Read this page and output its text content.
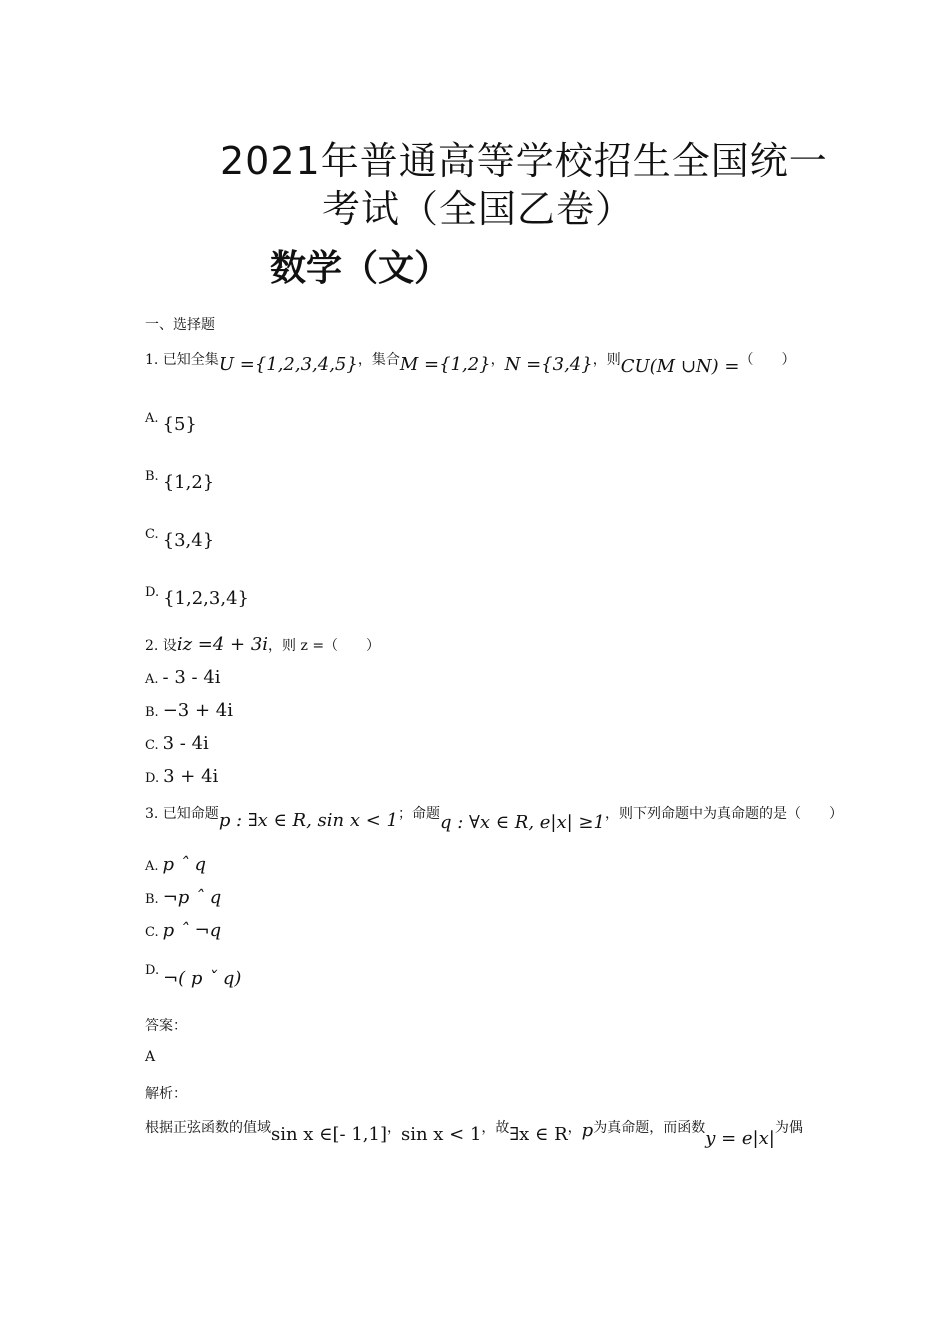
2021年普通高等学校招生全国统一
考试（全国乙卷）
数学（文）
一、选择题
1. 已知全集U ={1,2,3,4,5}，集合M ={1,2}，N ={3,4}，则CU(M ∪N) =（　　）
A. {5}
B. {1,2}
C. {3,4}
D. {1,2,3,4}
2. 设iz =4 + 3i，则 z =（　　）
A. - 3 - 4i
B. −3 + 4i
C. 3 - 4i
D. 3 + 4i
3. 已知命题p : ∃x ∈ R, sin x < 1；命题q : ∀x ∈ R, e|x| ≥1，则下列命题中为真命题的是（　　）
A. p ˆ q
B. ¬p ˆ q
C. p ˆ ¬q
D. ¬( p ˇ q)
答案：
A
解析：
根据正弦函数的值域sin x ∈[- 1,1]，sin x < 1，故∃x ∈ R，p为真命题，而函数y = e|x|为偶
